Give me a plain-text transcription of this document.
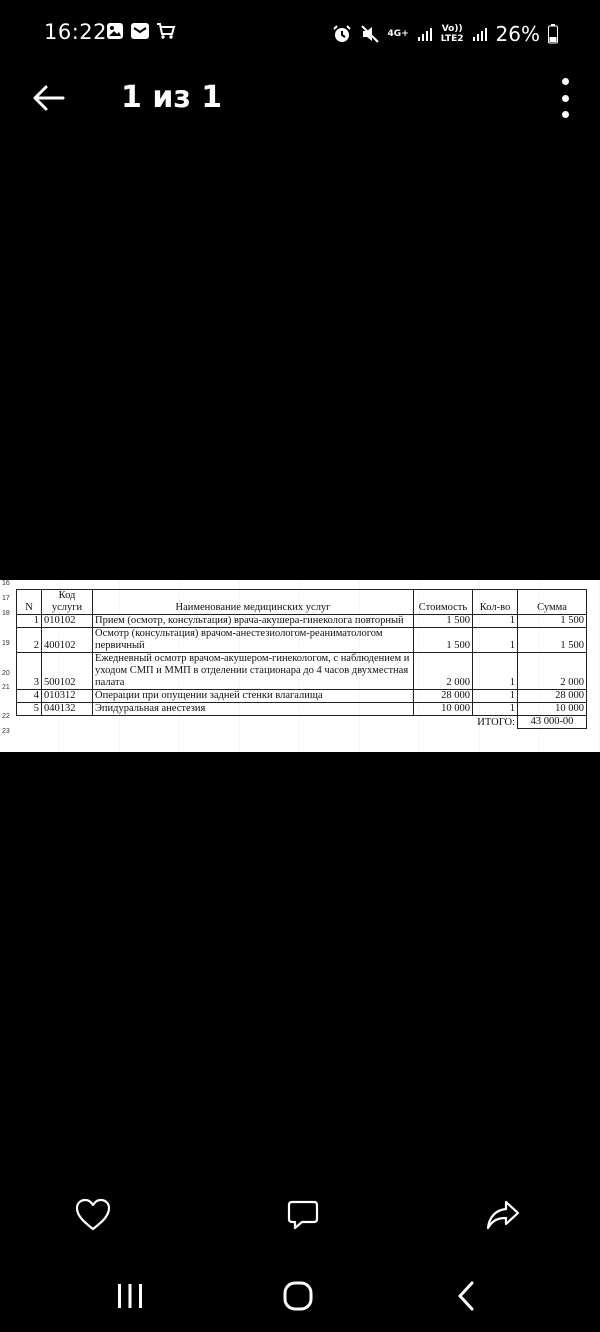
16:22	4G+	Vo))
LTE2 26%
1 из 1
16
17
18
19
20
21
22
23
N	Код услуги	Наименование медицинских услуг	Стоимость	Кол-во	Сумма
1	010102	Прием (осмотр, консультация) врача-акушера-гинеколога повторный	1 500	1	1 500
2	400102	Осмотр (консультация) врачом-анестезиологом-реаниматологом первичный	1 500	1	1 500
3	500102	Ежедневный осмотр врачом-акушером-гинекологом, с наблюдением и уходом СМП и ММП в отделении стационара до 4 часов двухместная палата	2 000	1	2 000
4	010312	Операции при опущении задней стенки влагалища	28 000	1	28 000
5	040132	Эпидуральная анестезия	10 000	1	10 000
ИТОГО:					43 000-00
